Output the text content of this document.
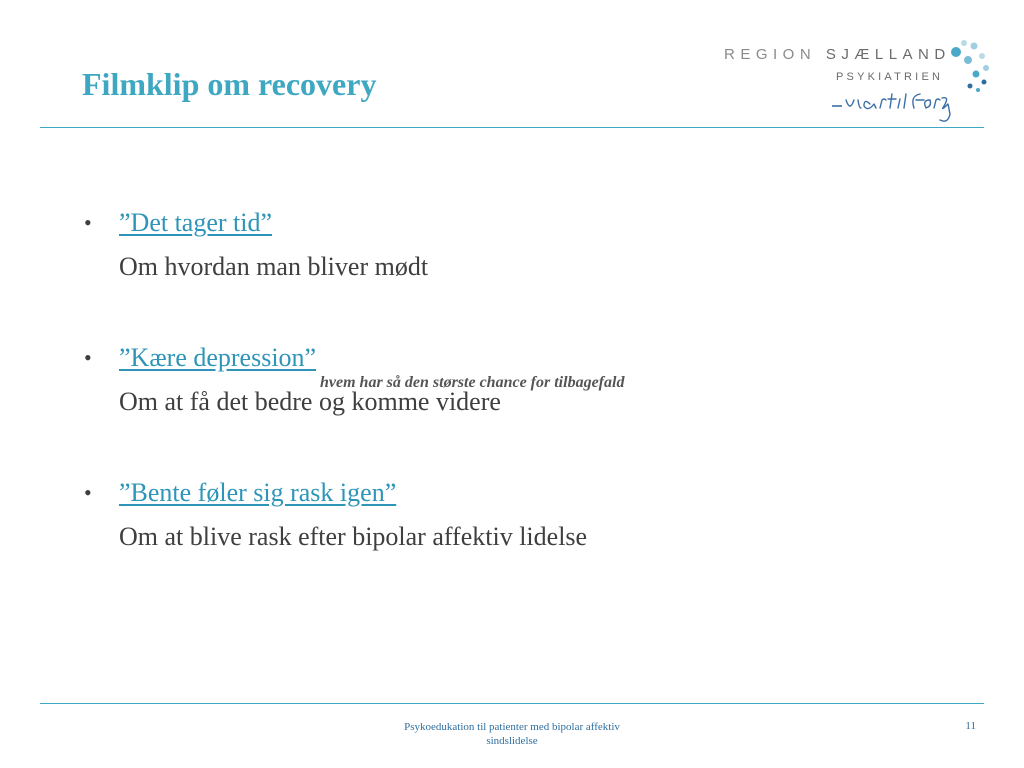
Filmklip om recovery
REGION SJÆLLAND
PSYKIATRIEN
• ”Det tager tid”
Om hvordan man bliver mødt
• ”Kære depression”
Om at få det bedre og komme videre
• ”Bente føler sig rask igen”
Om at blive rask efter bipolar affektiv lidelse
hvem har så den største chance for tilbagefald
Psykoedukation til patienter med bipolar affektiv
sindslidelse
11
